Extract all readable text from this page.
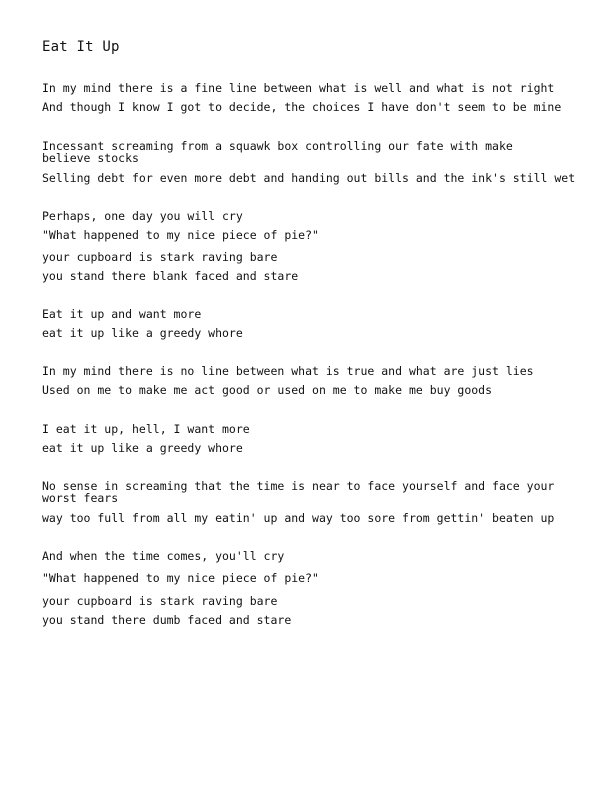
Eat It Up
In my mind there is a fine line between what is well and what is not right
And though I know I got to decide, the choices I have don't seem to be mine
Incessant screaming from a squawk box controlling our fate with make believe stocks
Selling debt for even more debt and handing out bills and the ink's still wet
Perhaps, one day you will cry
"What happened to my nice piece of pie?"
your cupboard is stark raving bare
you stand there blank faced and stare
Eat it up and want more
eat it up like a greedy whore
In my mind there is no line between what is true and what are just lies
Used on me to make me act good or used on me to make me buy goods
I eat it up, hell, I want more
eat it up like a greedy whore
No sense in screaming that the time is near to face yourself and face your worst fears
way too full from all my eatin' up and way too sore from gettin' beaten up
And when the time comes, you'll cry
"What happened to my nice piece of pie?"
your cupboard is stark raving bare
you stand there dumb faced and stare
